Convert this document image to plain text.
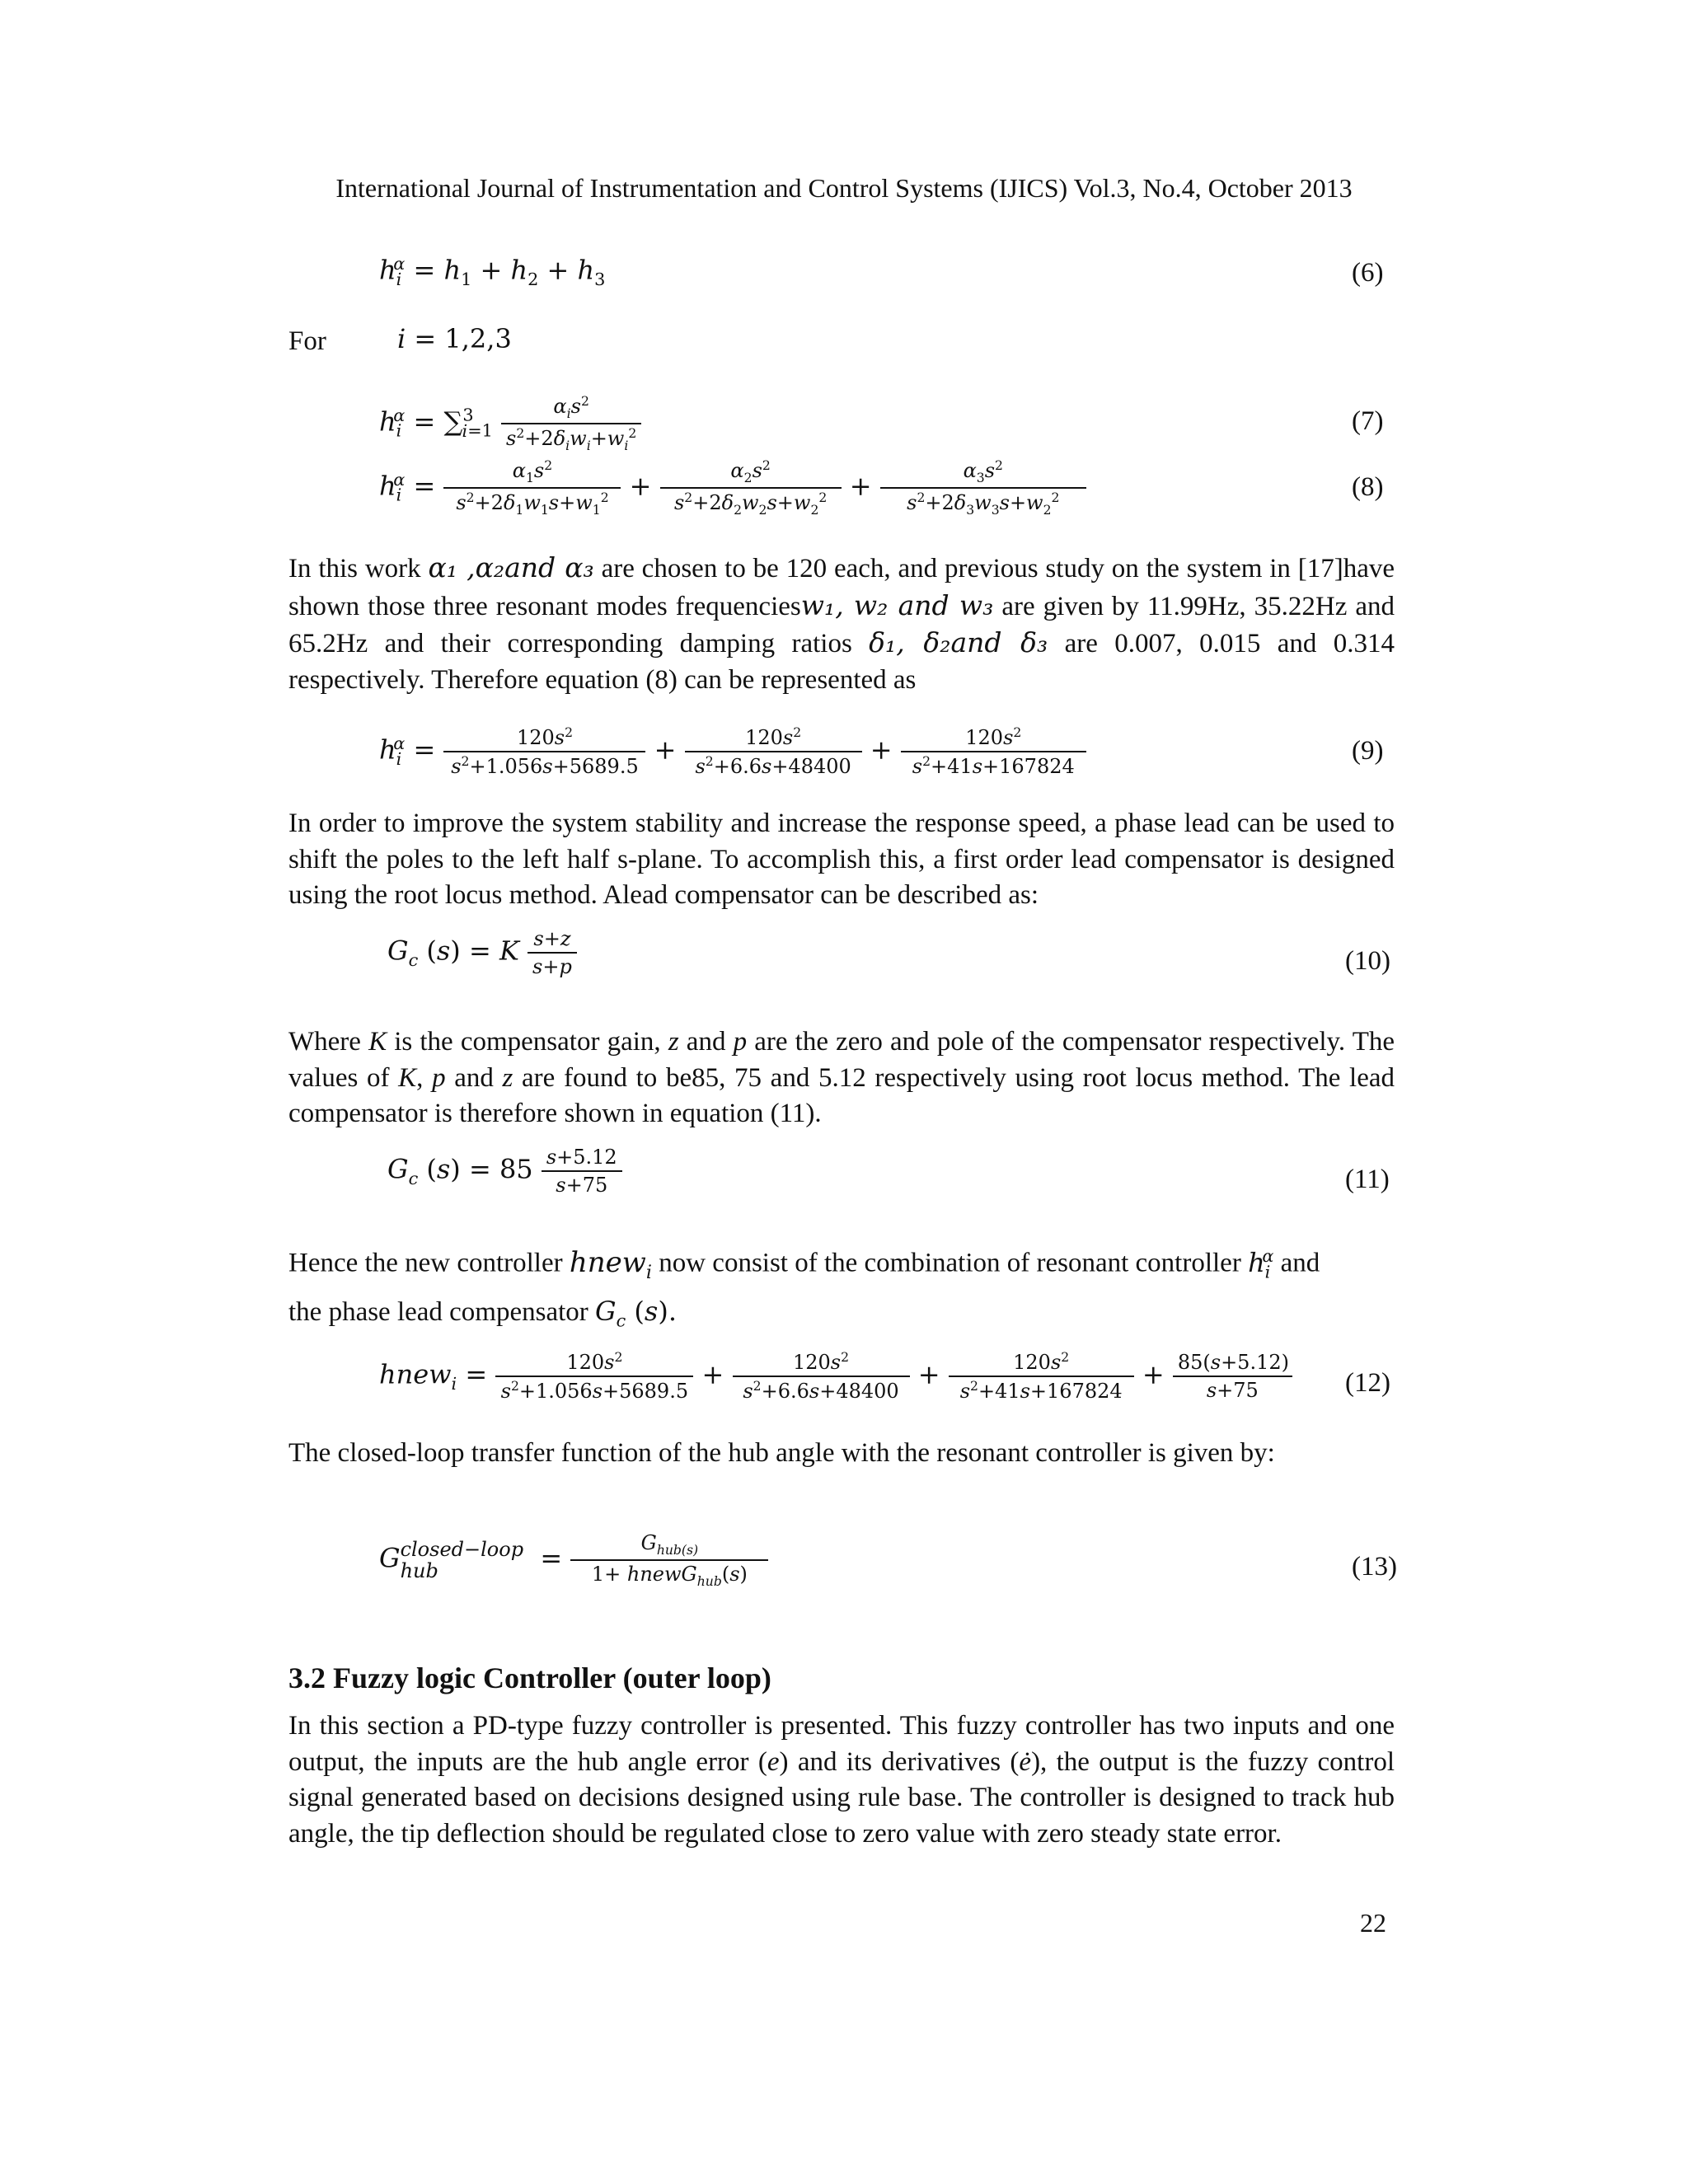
International Journal of Instrumentation and Control Systems (IJICS) Vol.3, No.4, October 2013
$h_i^\alpha = h_1 + h_2 + h_3$	(6)
For	i = 1,2,3
$h_i^\alpha = \sum^3_{i=1} \frac{\alpha_is^2}{s^2+2\delta_iw_i+w_i^2}$	(7)
$h_i^\alpha = \frac{\alpha_1s^2}{s^2+2\delta_1w_1s+w_1^2} + \frac{\alpha_2s^2}{s^2+2\delta_2w_2s+w_2^2} + \frac{\alpha_3s^2}{s^2+2\delta_3w_3s+w_2^2}$	(8)
In this work α₁ ,α₂and α₃ are chosen to be 120 each, and previous study on the system in [17]have shown those three resonant modes frequenciesw₁, w₂ and w₃ are given by 11.99Hz, 35.22Hz and 65.2Hz and their corresponding damping ratios δ₁, δ₂and δ₃ are 0.007, 0.015 and 0.314 respectively. Therefore equation (8) can be represented as
$h_i^\alpha = \frac{120s^2}{s^2+1.056s+5689.5} + \frac{120s^2}{s^2+6.6s+48400} + \frac{120s^2}{s^2+41s+167824}$	(9)
In order to improve the system stability and increase the response speed, a phase lead can be used to shift the poles to the left half s-plane. To accomplish this, a first order lead compensator is designed using the root locus method. Alead compensator can be described as:
$G_c$ (s) = K $\frac{s+z}{s+p}$	(10)
Where K is the compensator gain, z and p are the zero and pole of the compensator respectively. The values of K, p and z are found to be85, 75 and 5.12 respectively using root locus method. The lead compensator is therefore shown in equation (11).
$G_c$ $(s) = 85 \frac{s+5.12}{s+75}$	(11)
Hence the new controller hnew$_i$ now consist of the combination of resonant controller $h_i^\alpha$ and
the phase lead compensator $G_c$ (s).
hnew$_i$ = $\frac{120s^2}{s^2+1.056s+5689.5} + \frac{120s^2}{s^2+6.6s+48400} + \frac{120s^2}{s^2+41s+167824} + \frac{85(s+5.12)}{s+75} (12)$
The closed-loop transfer function of the hub angle with the resonant controller is given by:
G closed−loop
hub	= $\frac{G_{hub(s)}}{1+ hnewG_{hub}(s)}$	(13)
3.2 Fuzzy logic Controller (outer loop)
In this section a PD-type fuzzy controller is presented. This fuzzy controller has two inputs and one output, the inputs are the hub angle error (e) and its derivatives (ė), the output is the fuzzy control signal generated based on decisions designed using rule base. The controller is designed to track hub angle, the tip deflection should be regulated close to zero value with zero steady state error.
22
